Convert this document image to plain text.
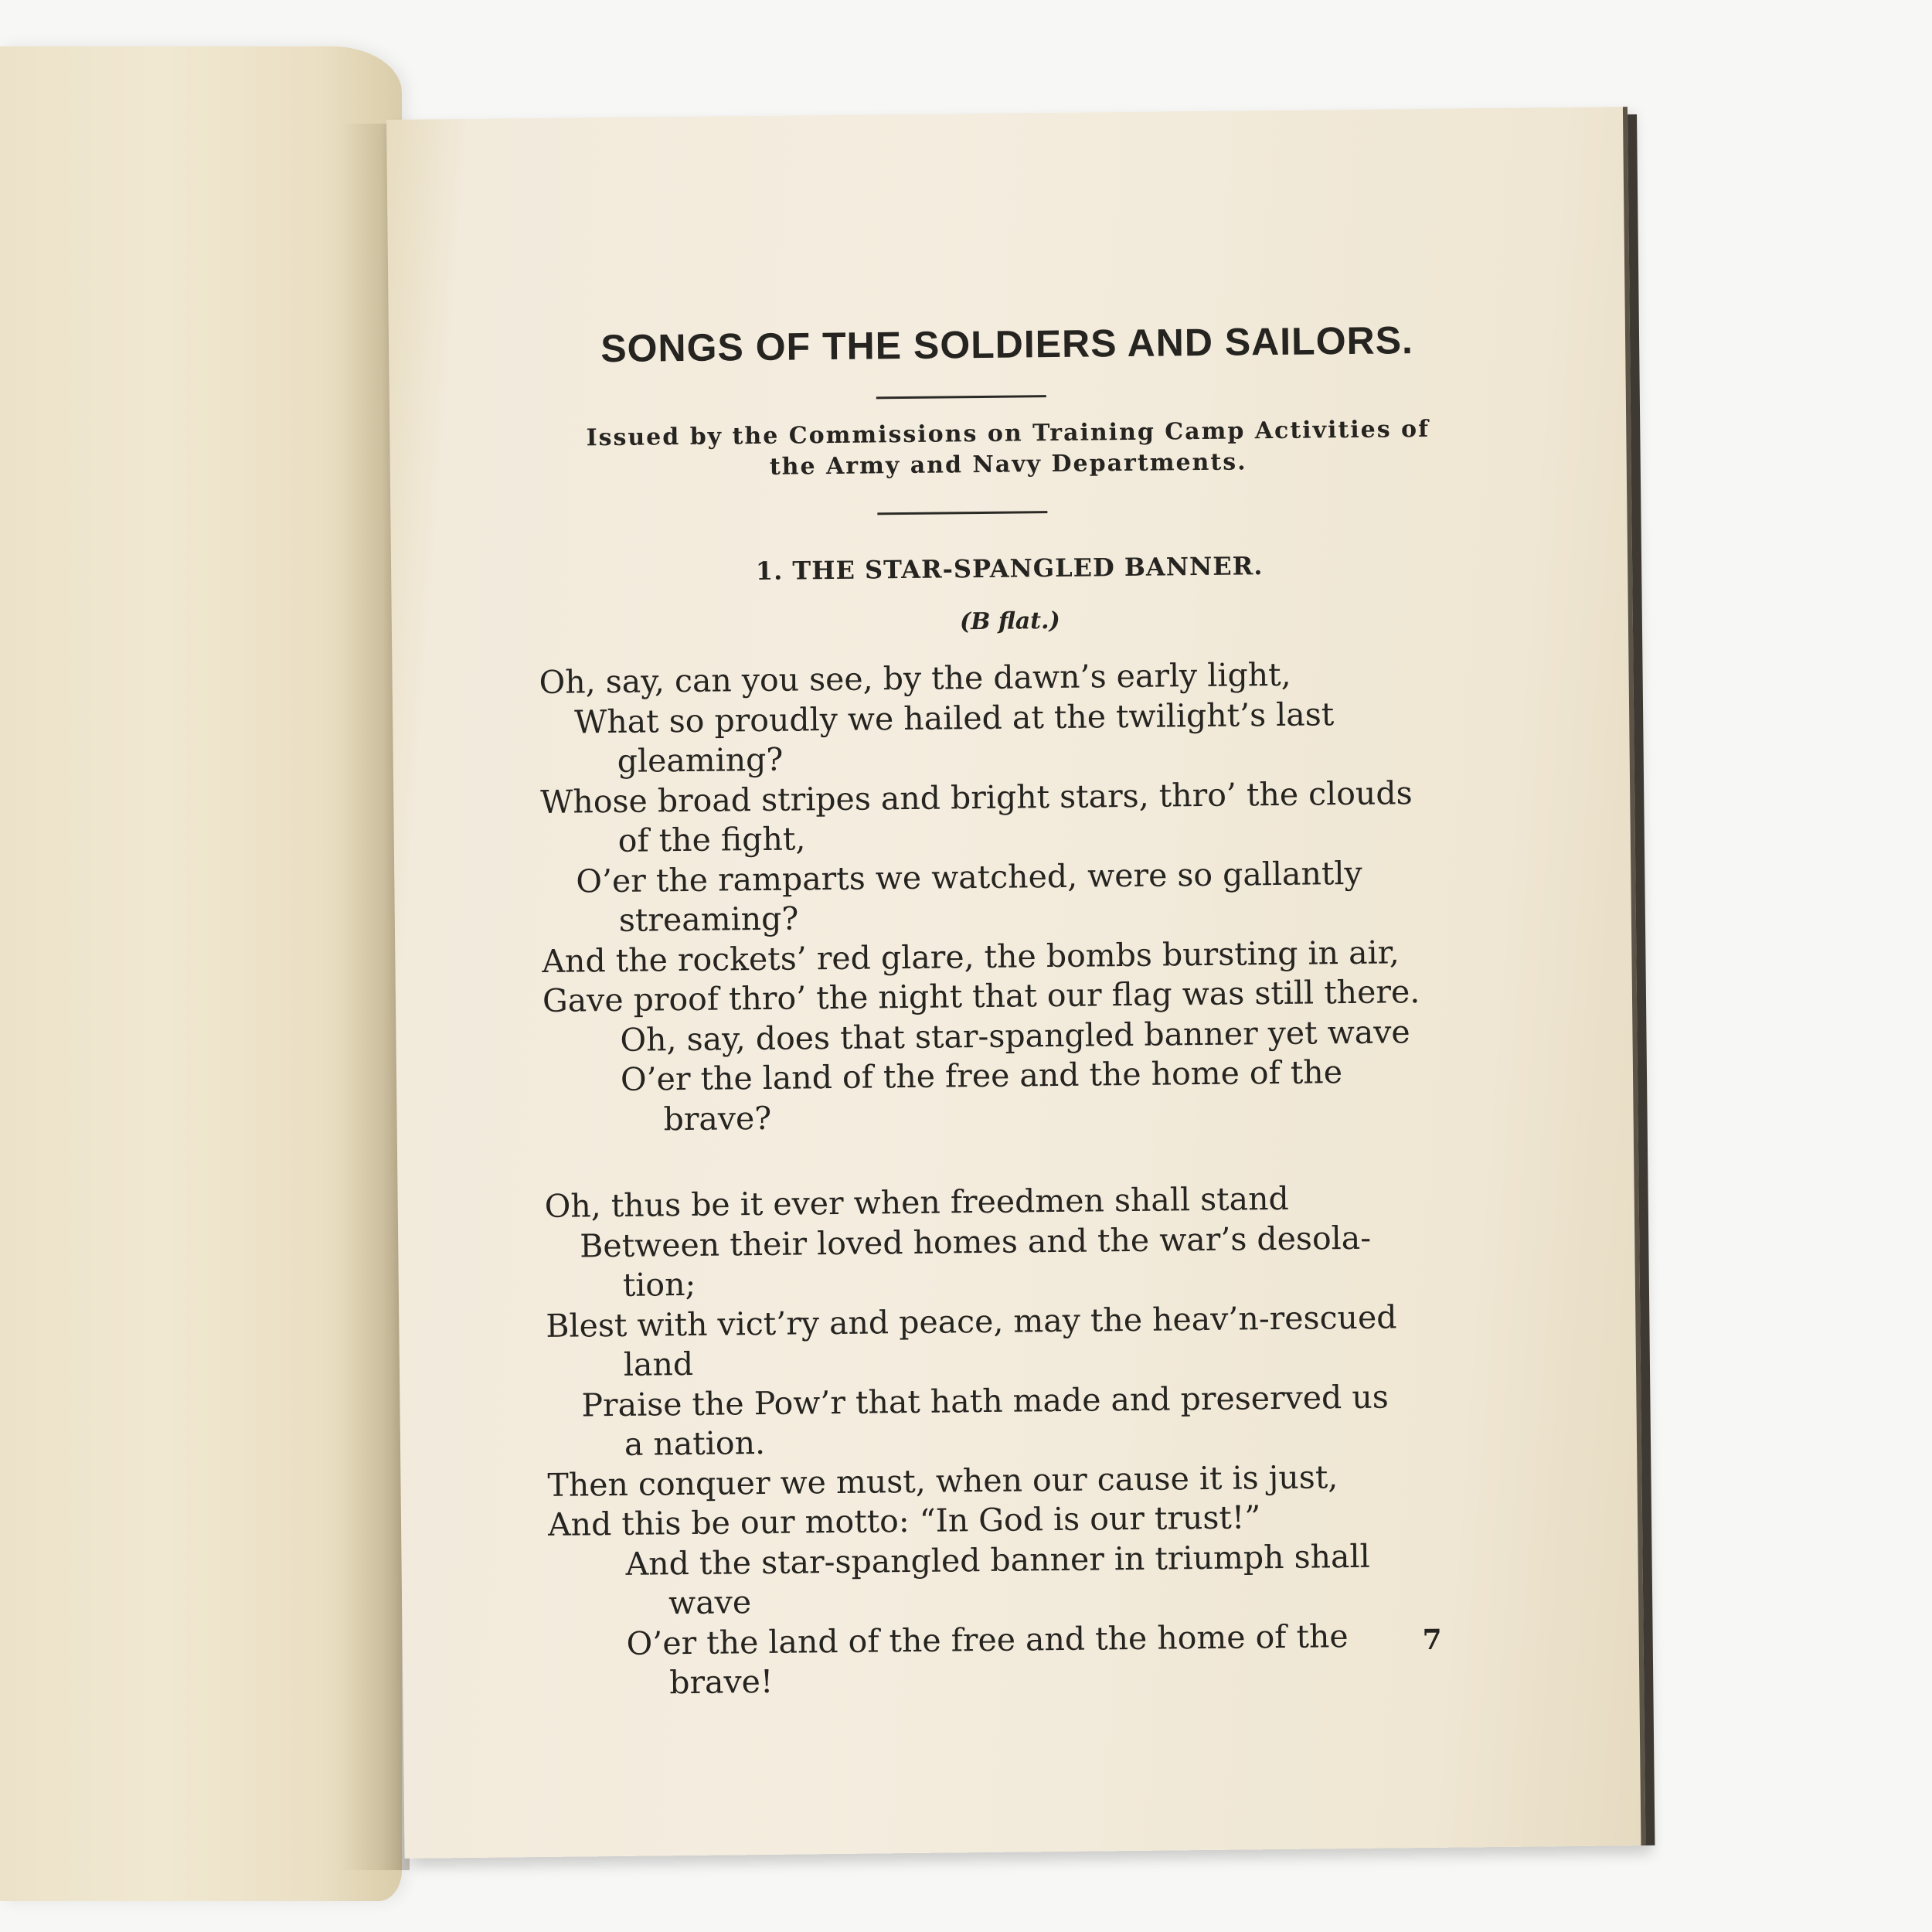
SONGS OF THE SOLDIERS AND SAILORS.
Issued by the Commissions on Training Camp Activities of
the Army and Navy Departments.
1. THE STAR-SPANGLED BANNER.
(B flat.)
Oh, say, can you see, by the dawn’s early light,
What so proudly we hailed at the twilight’s last
gleaming?
Whose broad stripes and bright stars, thro’ the clouds
of the fight,
O’er the ramparts we watched, were so gallantly
streaming?
And the rockets’ red glare, the bombs bursting in air,
Gave proof thro’ the night that our flag was still there.
Oh, say, does that star-spangled banner yet wave
O’er the land of the free and the home of the
brave?
Oh, thus be it ever when freedmen shall stand
Between their loved homes and the war’s desola-
tion;
Blest with vict’ry and peace, may the heav’n-rescued
land
Praise the Pow’r that hath made and preserved us
a nation.
Then conquer we must, when our cause it is just,
And this be our motto: “In God is our trust!”
And the star-spangled banner in triumph shall
wave
O’er the land of the free and the home of the
brave!
7
